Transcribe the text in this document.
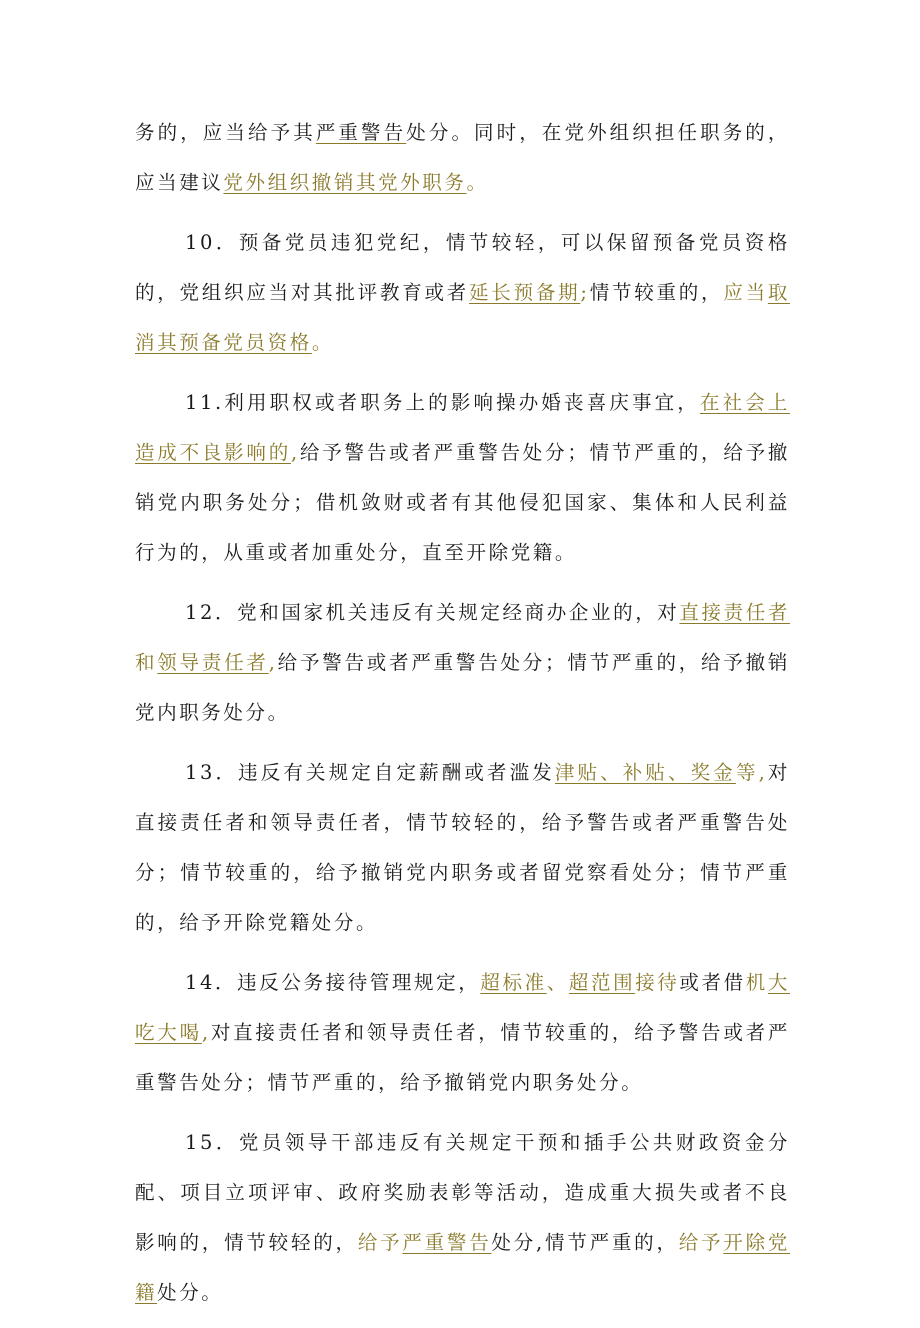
务的，应当给予其严重警告处分。同时，在党外组织担任职务的，应当建议党外组织撤销其党外职务。

10．预备党员违犯党纪，情节较轻，可以保留预备党员资格的，党组织应当对其批评教育或者延长预备期;情节较重的，应当取消其预备党员资格。

11.利用职权或者职务上的影响操办婚丧喜庆事宜，在社会上造成不良影响的,给予警告或者严重警告处分；情节严重的，给予撤销党内职务处分；借机敛财或者有其他侵犯国家、集体和人民利益行为的，从重或者加重处分，直至开除党籍。

12．党和国家机关违反有关规定经商办企业的，对直接责任者和领导责任者,给予警告或者严重警告处分；情节严重的，给予撤销党内职务处分。

13．违反有关规定自定薪酬或者滥发津贴、补贴、奖金等,对直接责任者和领导责任者，情节较轻的，给予警告或者严重警告处分；情节较重的，给予撤销党内职务或者留党察看处分；情节严重的，给予开除党籍处分。

14．违反公务接待管理规定，超标准、超范围接待或者借机大吃大喝,对直接责任者和领导责任者，情节较重的，给予警告或者严重警告处分；情节严重的，给予撤销党内职务处分。

15．党员领导干部违反有关规定干预和插手公共财政资金分配、项目立项评审、政府奖励表彰等活动，造成重大损失或者不良影响的，情节较轻的，给予严重警告处分,情节严重的，给予开除党籍处分。
